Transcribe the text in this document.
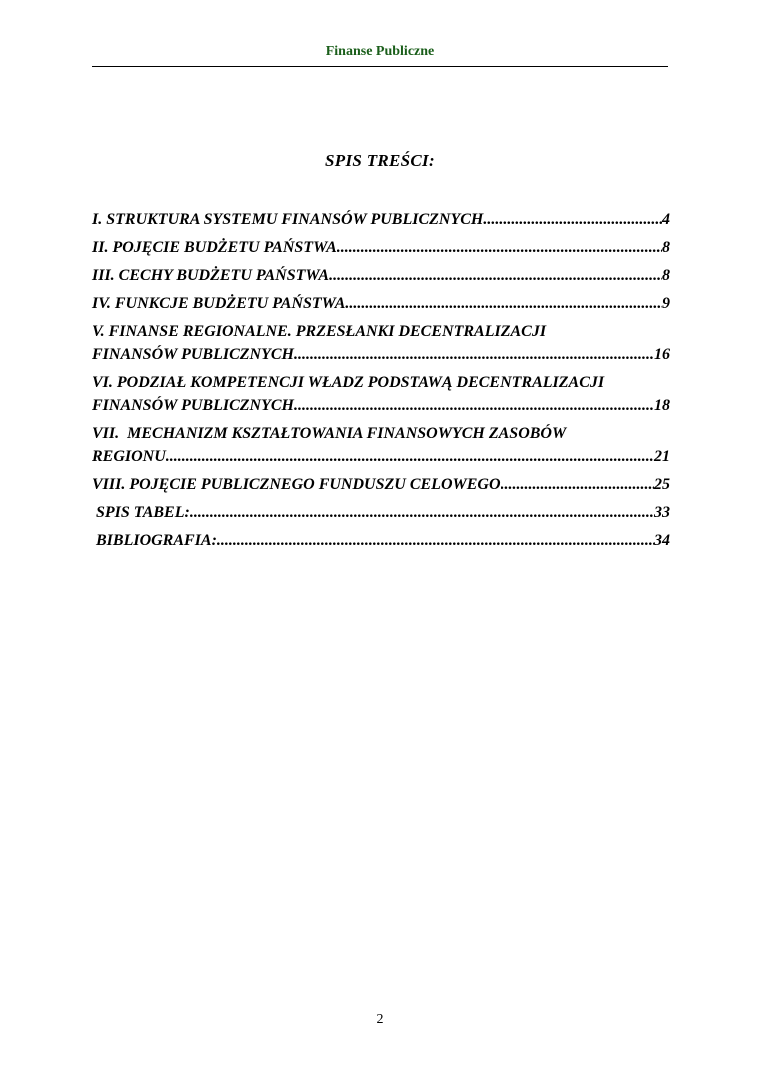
Finanse Publiczne
SPIS TREŚCI:
I. STRUKTURA SYSTEMU FINANSÓW PUBLICZNYCH .....	4
II. POJĘCIE BUDŻETU PAŃSTWA .....	8
III. CECHY BUDŻETU PAŃSTWA .....	8
IV. FUNKCJE BUDŻETU PAŃSTWA .....	9
V. FINANSE REGIONALNE. PRZESŁANKI DECENTRALIZACJI
FINANSÓW PUBLICZNYCH .....	16
VI. PODZIAŁ KOMPETENCJI WŁADZ PODSTAWĄ DECENTRALIZACJI
FINANSÓW PUBLICZNYCH .....	18
VII.  MECHANIZM KSZTAŁTOWANIA FINANSOWYCH ZASOBÓW
REGIONU .....	21
VIII. POJĘCIE PUBLICZNEGO FUNDUSZU CELOWEGO .....	25
SPIS TABEL: .....	33
BIBLIOGRAFIA: .....	34
2
